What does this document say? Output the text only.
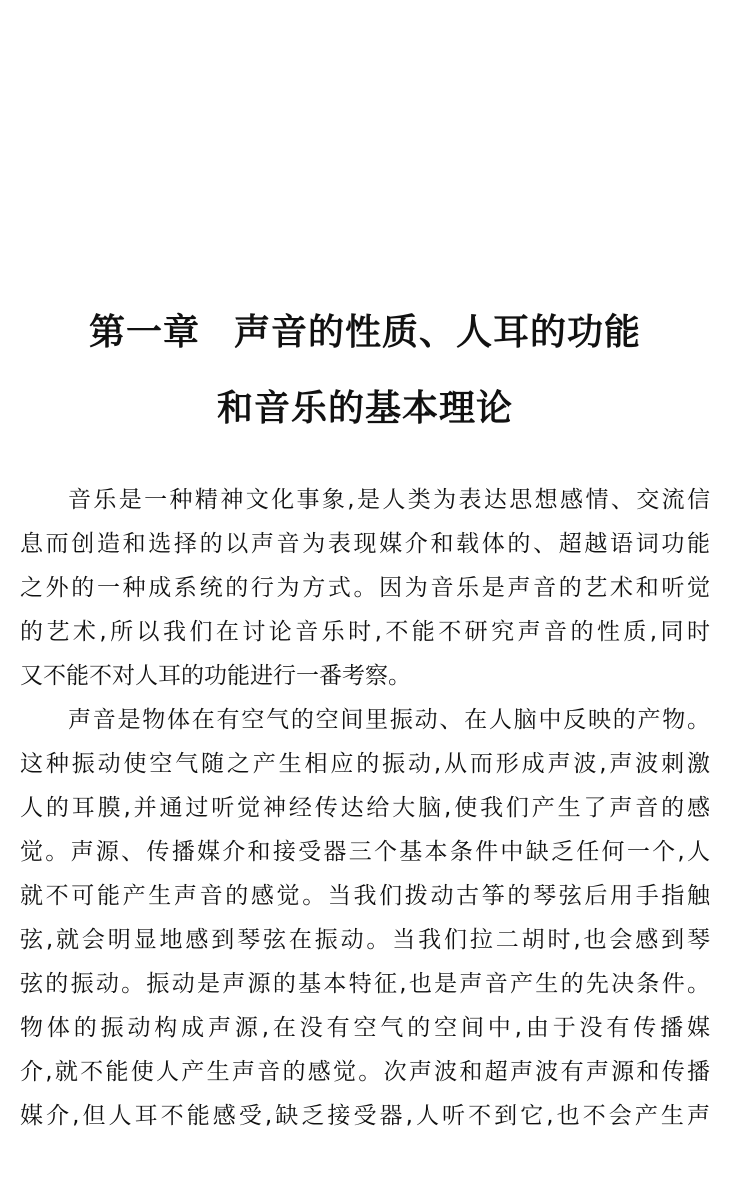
第一章 声音的性质、人耳的功能
和音乐的基本理论
音乐是一种精神文化事象,是人类为表达思想感情、交流信
息而创造和选择的以声音为表现媒介和载体的、超越语词功能
之外的一种成系统的行为方式。因为音乐是声音的艺术和听觉
的艺术,所以我们在讨论音乐时,不能不研究声音的性质,同时
又不能不对人耳的功能进行一番考察。
声音是物体在有空气的空间里振动、在人脑中反映的产物。
这种振动使空气随之产生相应的振动,从而形成声波,声波刺激
人的耳膜,并通过听觉神经传达给大脑,使我们产生了声音的感
觉。声源、传播媒介和接受器三个基本条件中缺乏任何一个,人
就不可能产生声音的感觉。当我们拨动古筝的琴弦后用手指触
弦,就会明显地感到琴弦在振动。当我们拉二胡时,也会感到琴
弦的振动。振动是声源的基本特征,也是声音产生的先决条件。
物体的振动构成声源,在没有空气的空间中,由于没有传播媒
介,就不能使人产生声音的感觉。次声波和超声波有声源和传播
媒介,但人耳不能感受,缺乏接受器,人听不到它,也不会产生声
